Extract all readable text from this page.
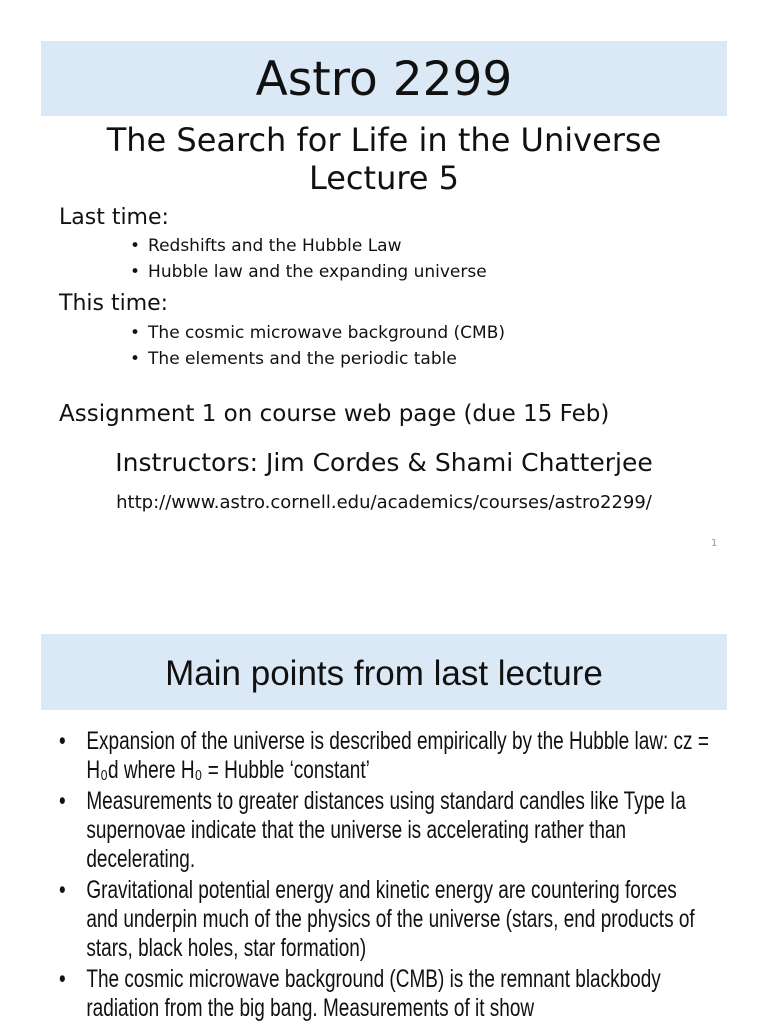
Astro 2299
The Search for Life in the Universe
Lecture 5
Last time:
• Redshifts and the Hubble Law
• Hubble law and the expanding universe
This time:
• The cosmic microwave background (CMB)
• The elements and the periodic table
Assignment 1 on course web page (due 15 Feb)
Instructors: Jim Cordes & Shami Chatterjee
http://www.astro.cornell.edu/academics/courses/astro2299/
1
Main points from last lecture
• Expansion of the universe is described empirically by the Hubble law: cz = H₀d where H₀ = Hubble ‘constant’
• Measurements to greater distances using standard candles like Type Ia supernovae indicate that the universe is accelerating rather than decelerating.
• Gravitational potential energy and kinetic energy are countering forces and underpin much of the physics of the universe (stars, end products of stars, black holes, star formation)
• The cosmic microwave background (CMB) is the remnant blackbody radiation from the big bang. Measurements of it show
